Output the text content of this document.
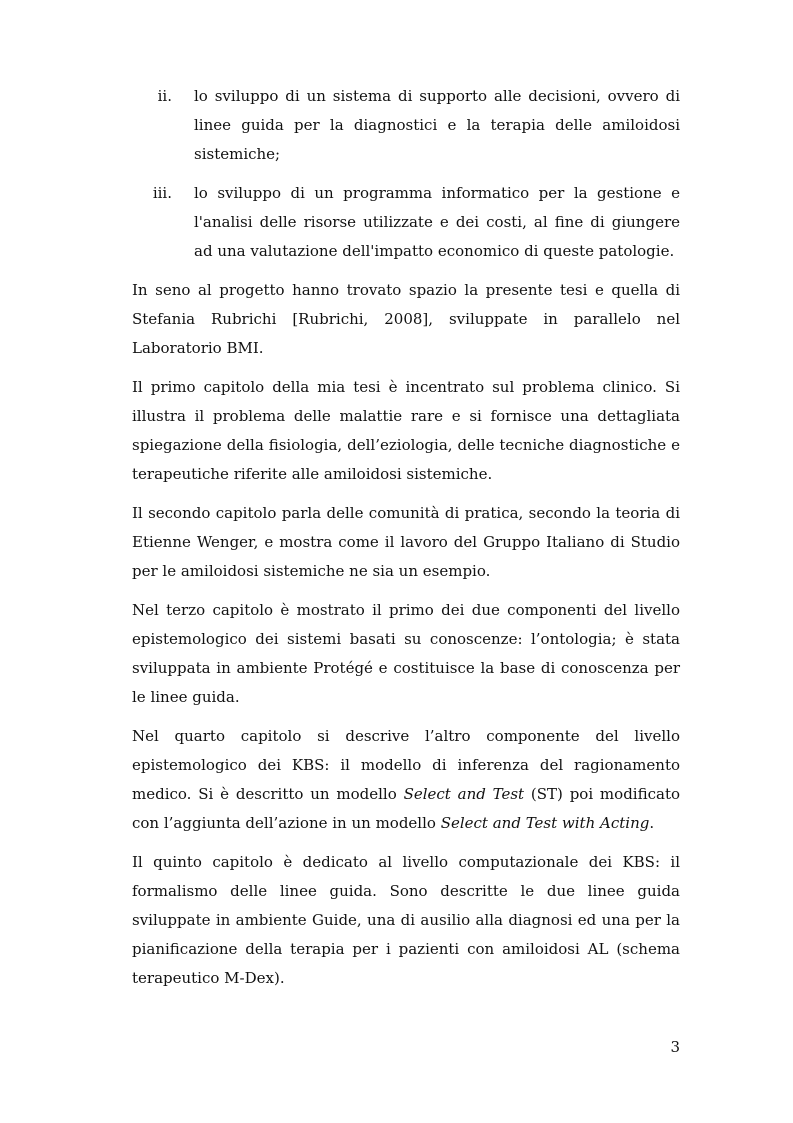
ii. lo sviluppo di un sistema di supporto alle decisioni, ovvero di linee guida per la diagnostici e la terapia delle amiloidosi sistemiche;
iii. lo sviluppo di un programma informatico per la gestione e l'analisi delle risorse utilizzate e dei costi, al fine di giungere ad una valutazione dell'impatto economico di queste patologie.

In seno al progetto hanno trovato spazio la presente tesi e quella di Stefania Rubrichi [Rubrichi, 2008], sviluppate in parallelo nel Laboratorio BMI.

Il primo capitolo della mia tesi è incentrato sul problema clinico. Si illustra il problema delle malattie rare e si fornisce una dettagliata spiegazione della fisiologia, dell’eziologia, delle tecniche diagnostiche e terapeutiche riferite alle amiloidosi sistemiche.

Il secondo capitolo parla delle comunità di pratica, secondo la teoria di Etienne Wenger, e mostra come il lavoro del Gruppo Italiano di Studio per le amiloidosi sistemiche ne sia un esempio.

Nel terzo capitolo è mostrato il primo dei due componenti del livello epistemologico dei sistemi basati su conoscenze: l’ontologia; è stata sviluppata in ambiente Protégé e costituisce la base di conoscenza per le linee guida.

Nel quarto capitolo si descrive l’altro componente del livello epistemologico dei KBS: il modello di inferenza del ragionamento medico. Si è descritto un modello Select and Test (ST) poi modificato con l’aggiunta dell’azione in un modello Select and Test with Acting.

Il quinto capitolo è dedicato al livello computazionale dei KBS: il formalismo delle linee guida. Sono descritte le due linee guida sviluppate in ambiente Guide, una di ausilio alla diagnosi ed una per la pianificazione della terapia per i pazienti con amiloidosi AL (schema terapeutico M-Dex).

3
